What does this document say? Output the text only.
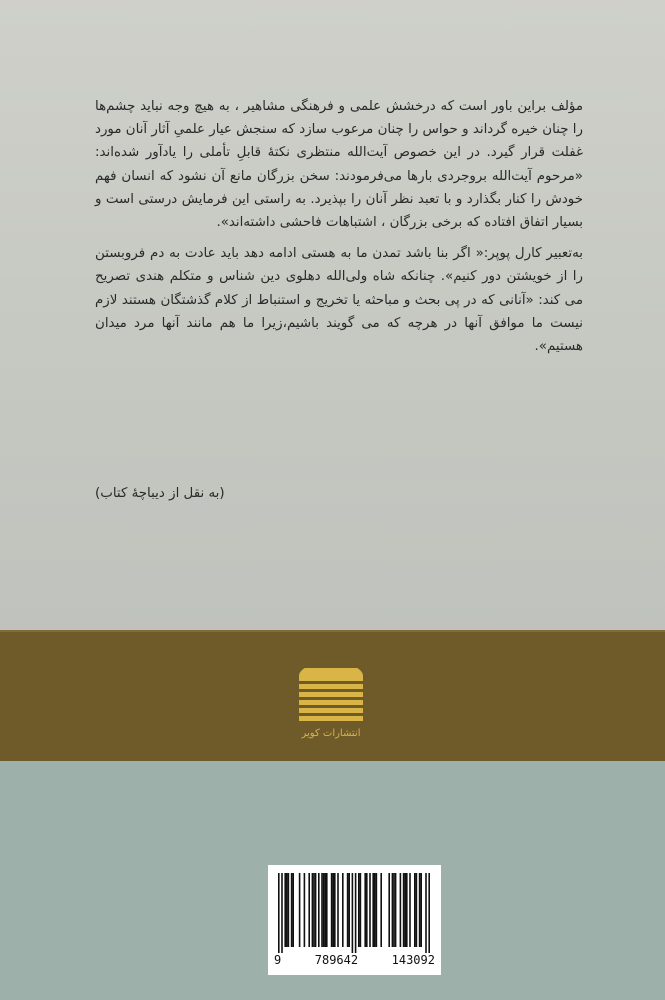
مؤلف براین باور است که درخشش علمی و فرهنگی مشاهیر ، به هیچ وجه نباید چشم‌ها را چنان خیره گرداند و حواس را چنان مرعوب سازد که سنجش عیار علمیِ آثار آنان مورد غفلت قرار گیرد. در این خصوص آیت‌الله منتظری نکتهٔ قابلِ تأملی را یادآور شده‌اند: «مرحوم آیت‌الله بروجردی بارها می‌فرمودند: سخن بزرگان مانع آن نشود که انسان فهم خودش را کنار بگذارد و با تعبد نظر آنان را بپذیرد. به راستی این فرمایش درستی است و بسیار اتفاق افتاده که برخی بزرگان ، اشتباهات فاحشی داشته‌اند».

به‌تعبیر کارل پوپر:« اگر بنا باشد تمدن ما به هستی ادامه دهد باید عادت به دم فروبستن را از خویشتن دور کنیم». چنانکه شاه ولی‌الله دهلوی دین شناس و متکلم هندی تصریح می کند: «آنانی که در پی بحث و مباحثه یا تخریج و استنباط از کلام گذشتگان هستند لازم نیست ما موافق آنها در هرچه که می گویند باشیم،زیرا ما هم مانند آنها مرد میدان هستیم».

(به نقل از دیباچهٔ کتاب)
انتشارات کویر
9	789642	143092
